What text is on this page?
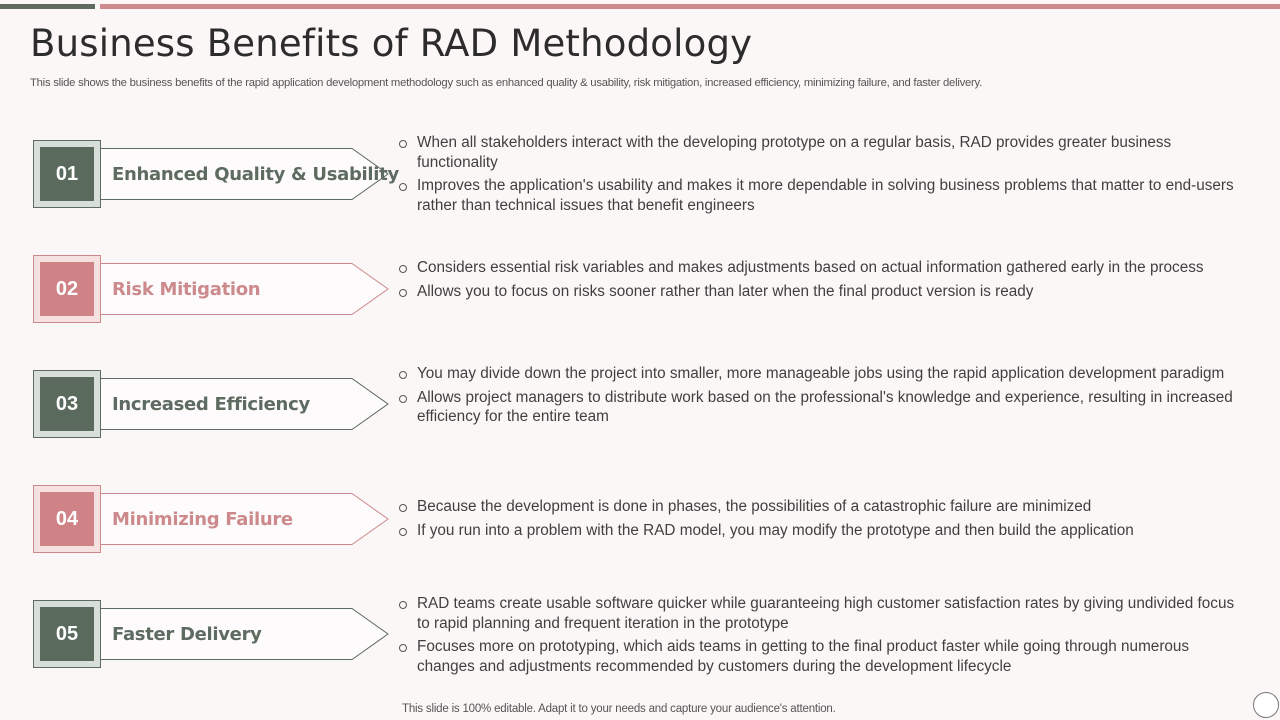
Business Benefits of RAD Methodology

This slide shows the business benefits of the rapid application development methodology such as enhanced quality & usability, risk mitigation, increased efficiency, minimizing failure, and faster delivery.

01	Enhanced Quality & Usability
When all stakeholders interact with the developing prototype on a regular basis, RAD provides greater business functionality
Improves the application's usability and makes it more dependable in solving business problems that matter to end-users rather than technical issues that benefit engineers
02	Risk Mitigation
Considers essential risk variables and makes adjustments based on actual information gathered early in the process
Allows you to focus on risks sooner rather than later when the final product version is ready
03	Increased Efficiency
You may divide down the project into smaller, more manageable jobs using the rapid application development paradigm
Allows project managers to distribute work based on the professional's knowledge and experience, resulting in increased efficiency for the entire team
04	Minimizing Failure
Because the development is done in phases, the possibilities of a catastrophic failure are minimized
If you run into a problem with the RAD model, you may modify the prototype and then build the application
05	Faster Delivery
RAD teams create usable software quicker while guaranteeing high customer satisfaction rates by giving undivided focus to rapid planning and frequent iteration in the prototype
Focuses more on prototyping, which aids teams in getting to the final product faster while going through numerous changes and adjustments recommended by customers during the development lifecycle

This slide is 100% editable. Adapt it to your needs and capture your audience's attention.
